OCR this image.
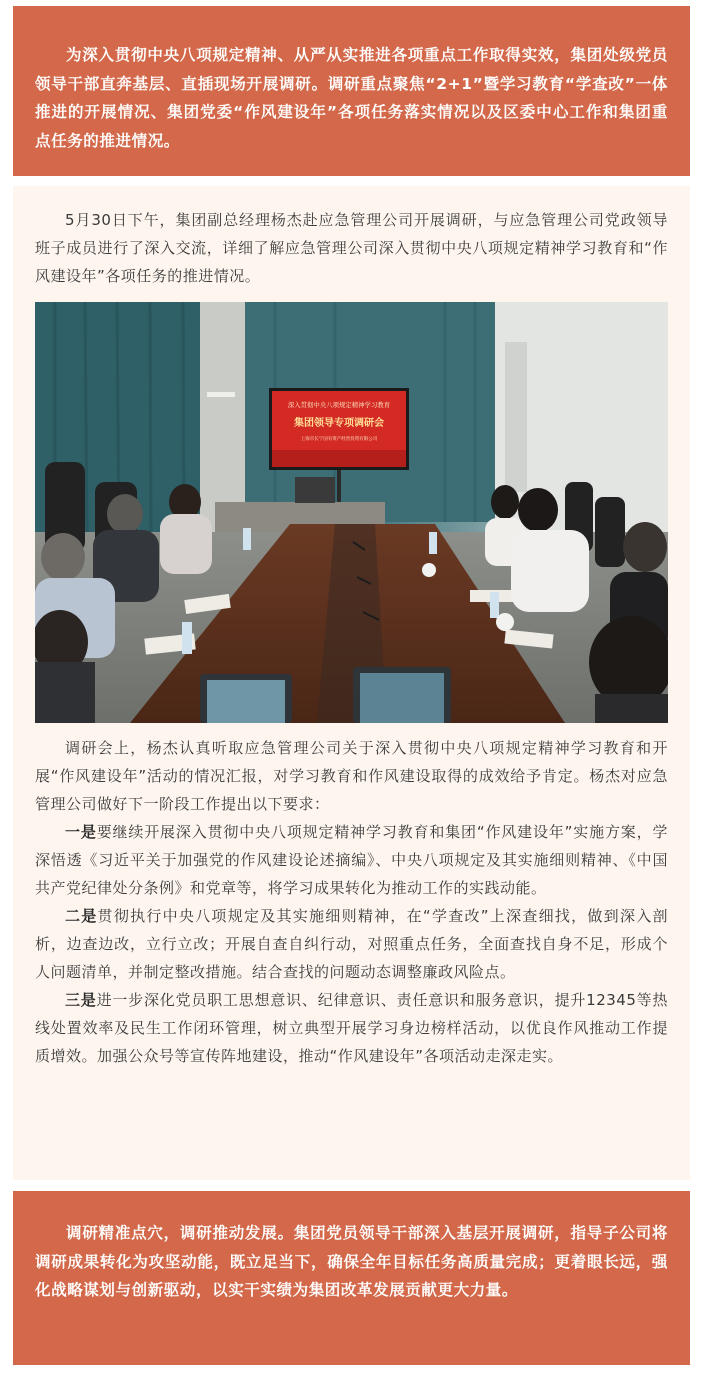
为深入贯彻中央八项规定精神、从严从实推进各项重点工作取得实效，集团处级党员领导干部直奔基层、直插现场开展调研。调研重点聚焦“2+1”暨学习教育“学查改”一体推进的开展情况、集团党委“作风建设年”各项任务落实情况以及区委中心工作和集团重点任务的推进情况。

5月30日下午，集团副总经理杨杰赴应急管理公司开展调研，与应急管理公司党政领导班子成员进行了深入交流，详细了解应急管理公司深入贯彻中央八项规定精神学习教育和“作风建设年”各项任务的推进情况。

深入贯彻中央八项规定精神学习教育
集团领导专项调研会
上海市长宁国有资产经营投资有限公司

调研会上，杨杰认真听取应急管理公司关于深入贯彻中央八项规定精神学习教育和开展“作风建设年”活动的情况汇报，对学习教育和作风建设取得的成效给予肯定。杨杰对应急管理公司做好下一阶段工作提出以下要求：

一是要继续开展深入贯彻中央八项规定精神学习教育和集团“作风建设年”实施方案，学深悟透《习近平关于加强党的作风建设论述摘编》、中央八项规定及其实施细则精神、《中国共产党纪律处分条例》和党章等，将学习成果转化为推动工作的实践动能。

二是贯彻执行中央八项规定及其实施细则精神，在“学查改”上深查细找，做到深入剖析，边查边改，立行立改；开展自查自纠行动，对照重点任务，全面查找自身不足，形成个人问题清单，并制定整改措施。结合查找的问题动态调整廉政风险点。

三是进一步深化党员职工思想意识、纪律意识、责任意识和服务意识，提升12345等热线处置效率及民生工作闭环管理，树立典型开展学习身边榜样活动，以优良作风推动工作提质增效。加强公众号等宣传阵地建设，推动“作风建设年”各项活动走深走实。

调研精准点穴，调研推动发展。集团党员领导干部深入基层开展调研，指导子公司将调研成果转化为攻坚动能，既立足当下，确保全年目标任务高质量完成；更着眼长远，强化战略谋划与创新驱动，以实干实绩为集团改革发展贡献更大力量。
